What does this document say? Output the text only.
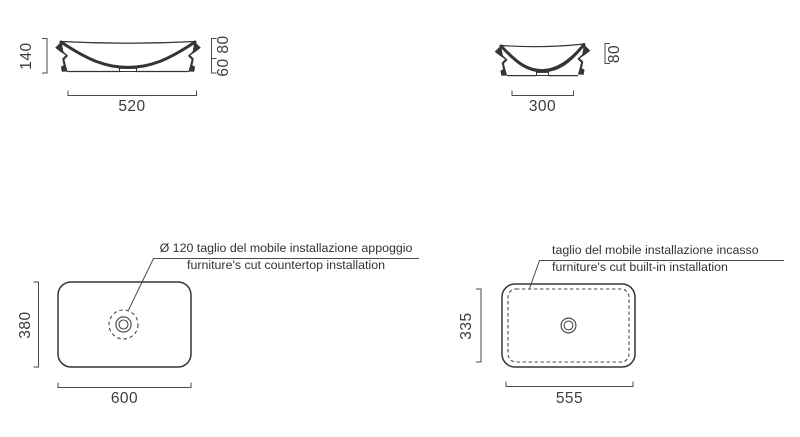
140	60 80
520
80
300
380
600
335
555
Ø 120 taglio del mobile installazione appoggio
furniture's cut countertop installation
taglio del mobile installazione incasso
furniture's cut built-in installation
